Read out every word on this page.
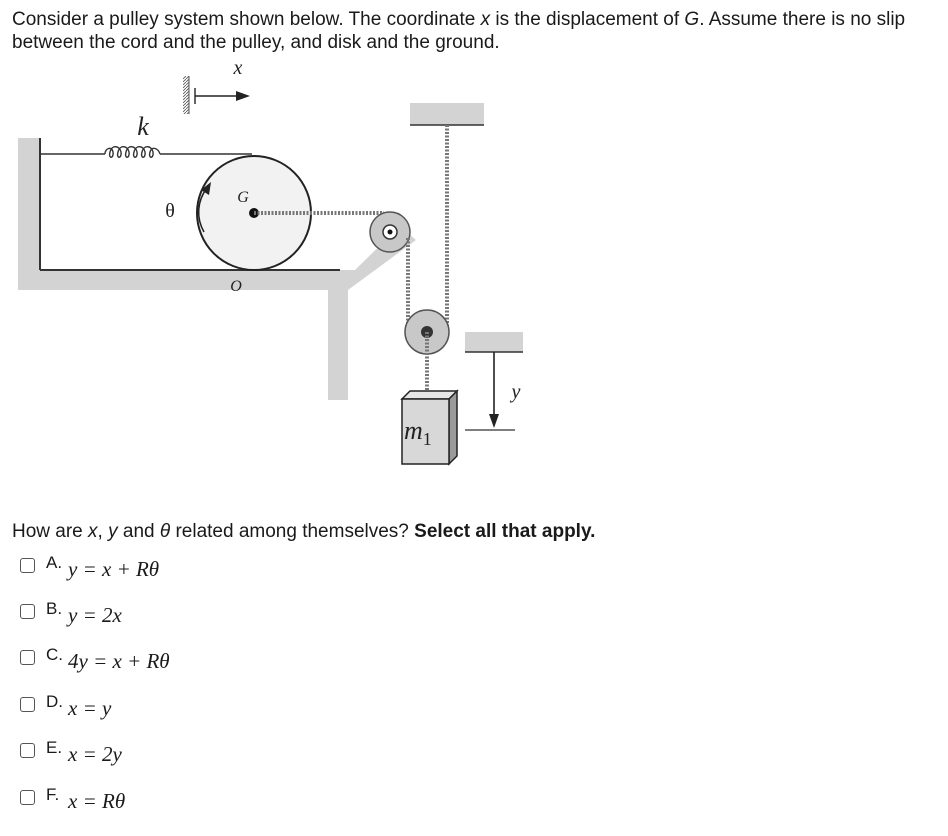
Consider a pulley system shown below. The coordinate x is the displacement of G. Assume there is no slip between the cord and the pulley, and disk and the ground.
k
x
G
O
θ
$m_1$
y
How are x, y and θ related among themselves? Select all that apply.
A. y = x + Rθ
B. y = 2x
C. 4y = x + Rθ
D. x = y
E. x = 2y
F. x = Rθ
